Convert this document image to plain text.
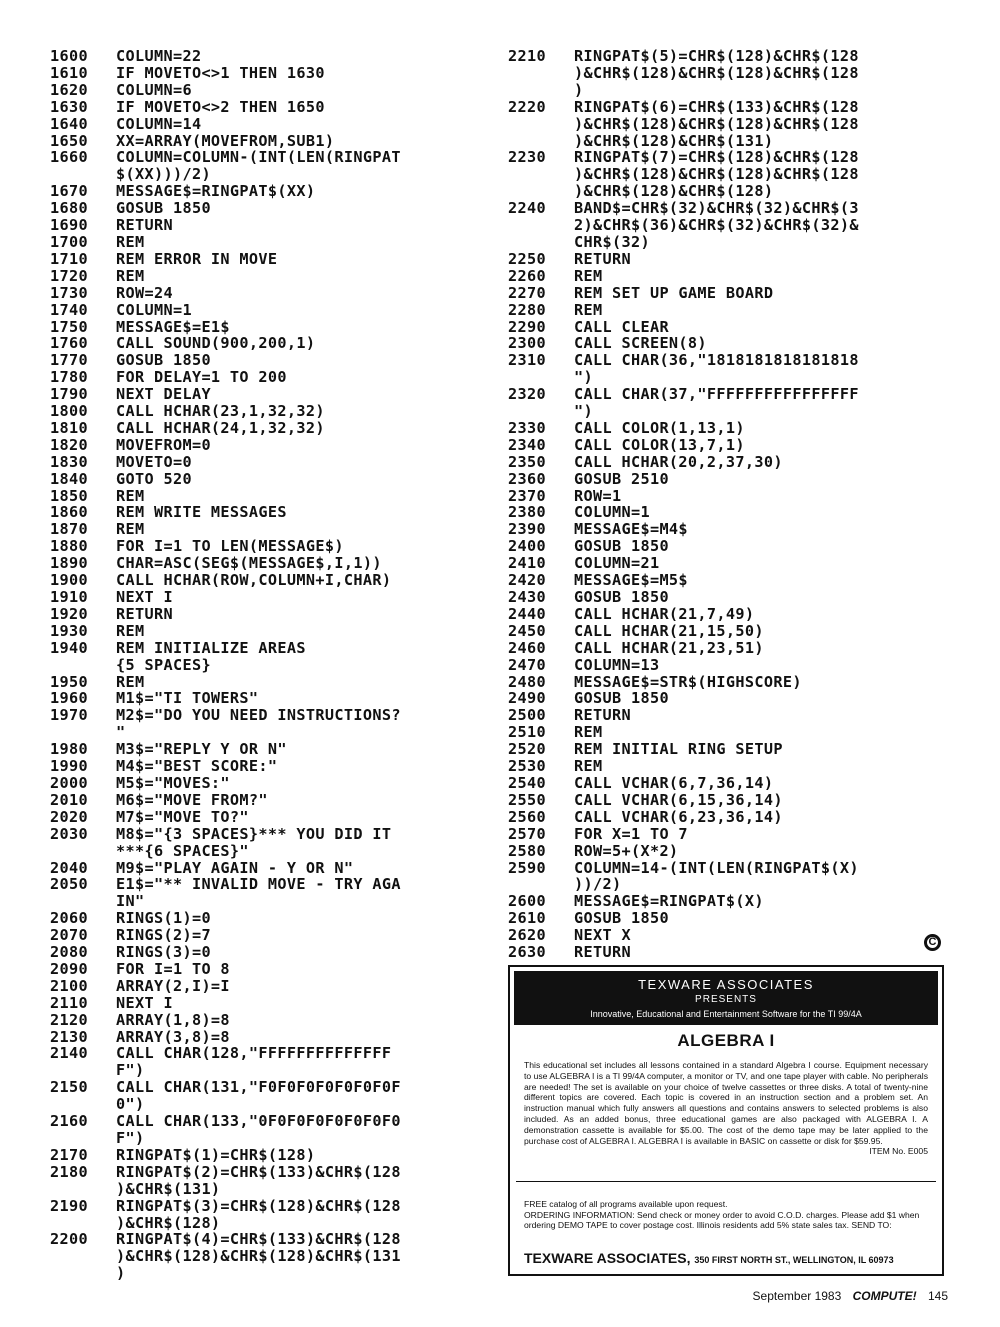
1600	COLUMN=22
1610	IF MOVETO<>1 THEN 1630
1620	COLUMN=6
1630	IF MOVETO<>2 THEN 1650
1640	COLUMN=14
1650	XX=ARRAY(MOVEFROM,SUB1)
1660	COLUMN=COLUMN-(INT(LEN(RINGPAT
$(XX)))/2)
1670	MESSAGE$=RINGPAT$(XX)
1680	GOSUB 1850
1690	RETURN
1700	REM
1710	REM ERROR IN MOVE
1720	REM
1730	ROW=24
1740	COLUMN=1
1750	MESSAGE$=E1$
1760	CALL SOUND(900,200,1)
1770	GOSUB 1850
1780	FOR DELAY=1 TO 200
1790	NEXT DELAY
1800	CALL HCHAR(23,1,32,32)
1810	CALL HCHAR(24,1,32,32)
1820	MOVEFROM=0
1830	MOVETO=0
1840	GOTO 520
1850	REM
1860	REM WRITE MESSAGES
1870	REM
1880	FOR I=1 TO LEN(MESSAGE$)
1890	CHAR=ASC(SEG$(MESSAGE$,I,1))
1900	CALL HCHAR(ROW,COLUMN+I,CHAR)
1910	NEXT I
1920	RETURN
1930	REM
1940	REM INITIALIZE AREAS
{5 SPACES}
1950	REM
1960	M1$="TI TOWERS"
1970	M2$="DO YOU NEED INSTRUCTIONS?
"
1980	M3$="REPLY Y OR N"
1990	M4$="BEST SCORE:"
2000	M5$="MOVES:"
2010	M6$="MOVE FROM?"
2020	M7$="MOVE TO?"
2030	M8$="{3 SPACES}*** YOU DID IT
***{6 SPACES}"
2040	M9$="PLAY AGAIN - Y OR N"
2050	E1$="** INVALID MOVE - TRY AGA
IN"
2060	RINGS(1)=0
2070	RINGS(2)=7
2080	RINGS(3)=0
2090	FOR I=1 TO 8
2100	ARRAY(2,I)=I
2110	NEXT I
2120	ARRAY(1,8)=8
2130	ARRAY(3,8)=8
2140	CALL CHAR(128,"FFFFFFFFFFFFFF
F")
2150	CALL CHAR(131,"F0F0F0F0F0F0F0F
0")
2160	CALL CHAR(133,"0F0F0F0F0F0F0F0
F")
2170	RINGPAT$(1)=CHR$(128)
2180	RINGPAT$(2)=CHR$(133)&CHR$(128
)&CHR$(131)
2190	RINGPAT$(3)=CHR$(128)&CHR$(128
)&CHR$(128)
2200	RINGPAT$(4)=CHR$(133)&CHR$(128
)&CHR$(128)&CHR$(128)&CHR$(131
)
2210	RINGPAT$(5)=CHR$(128)&CHR$(128
)&CHR$(128)&CHR$(128)&CHR$(128
)
2220	RINGPAT$(6)=CHR$(133)&CHR$(128
)&CHR$(128)&CHR$(128)&CHR$(128
)&CHR$(128)&CHR$(131)
2230	RINGPAT$(7)=CHR$(128)&CHR$(128
)&CHR$(128)&CHR$(128)&CHR$(128
)&CHR$(128)&CHR$(128)
2240	BAND$=CHR$(32)&CHR$(32)&CHR$(3
2)&CHR$(36)&CHR$(32)&CHR$(32)&
CHR$(32)
2250	RETURN
2260	REM
2270	REM SET UP GAME BOARD
2280	REM
2290	CALL CLEAR
2300	CALL SCREEN(8)
2310	CALL CHAR(36,"1818181818181818
")
2320	CALL CHAR(37,"FFFFFFFFFFFFFFFF
")
2330	CALL COLOR(1,13,1)
2340	CALL COLOR(13,7,1)
2350	CALL HCHAR(20,2,37,30)
2360	GOSUB 2510
2370	ROW=1
2380	COLUMN=1
2390	MESSAGE$=M4$
2400	GOSUB 1850
2410	COLUMN=21
2420	MESSAGE$=M5$
2430	GOSUB 1850
2440	CALL HCHAR(21,7,49)
2450	CALL HCHAR(21,15,50)
2460	CALL HCHAR(21,23,51)
2470	COLUMN=13
2480	MESSAGE$=STR$(HIGHSCORE)
2490	GOSUB 1850
2500	RETURN
2510	REM
2520	REM INITIAL RING SETUP
2530	REM
2540	CALL VCHAR(6,7,36,14)
2550	CALL VCHAR(6,15,36,14)
2560	CALL VCHAR(6,23,36,14)
2570	FOR X=1 TO 7
2580	ROW=5+(X*2)
2590	COLUMN=14-(INT(LEN(RINGPAT$(X)
))/2)
2600	MESSAGE$=RINGPAT$(X)
2610	GOSUB 1850
2620	NEXT X
2630	RETURN
C
TEXWARE ASSOCIATES
PRESENTS
Innovative, Educational and Entertainment Software for the TI 99/4A
ALGEBRA I
This educational set includes all lessons contained in a standard Algebra I course. Equipment necessary to use ALGEBRA I is a TI 99/4A computer, a monitor or TV, and one tape player with cable. No peripherals are needed! The set is available on your choice of twelve cassettes or three disks. A total of twenty-nine different topics are covered. Each topic is covered in an instruction section and a problem set. An instruction manual which fully answers all questions and contains answers to selected problems is also included. As an added bonus, three educational games are also packaged with ALGEBRA I. A demonstration cassette is available for $5.00. The cost of the demo tape may be later applied to the purchase cost of ALGEBRA I. ALGEBRA I is available in BASIC on cassette or disk for $59.95.
ITEM No. E005

FREE catalog of all programs available upon request.
ORDERING INFORMATION: Send check or money order to avoid C.O.D. charges. Please add $1 when ordering DEMO TAPE to cover postage cost. Illinois residents add 5% state sales tax. SEND TO:

TEXWARE ASSOCIATES, 350 FIRST NORTH ST., WELLINGTON, IL 60973
September 1983 COMPUTE! 145
